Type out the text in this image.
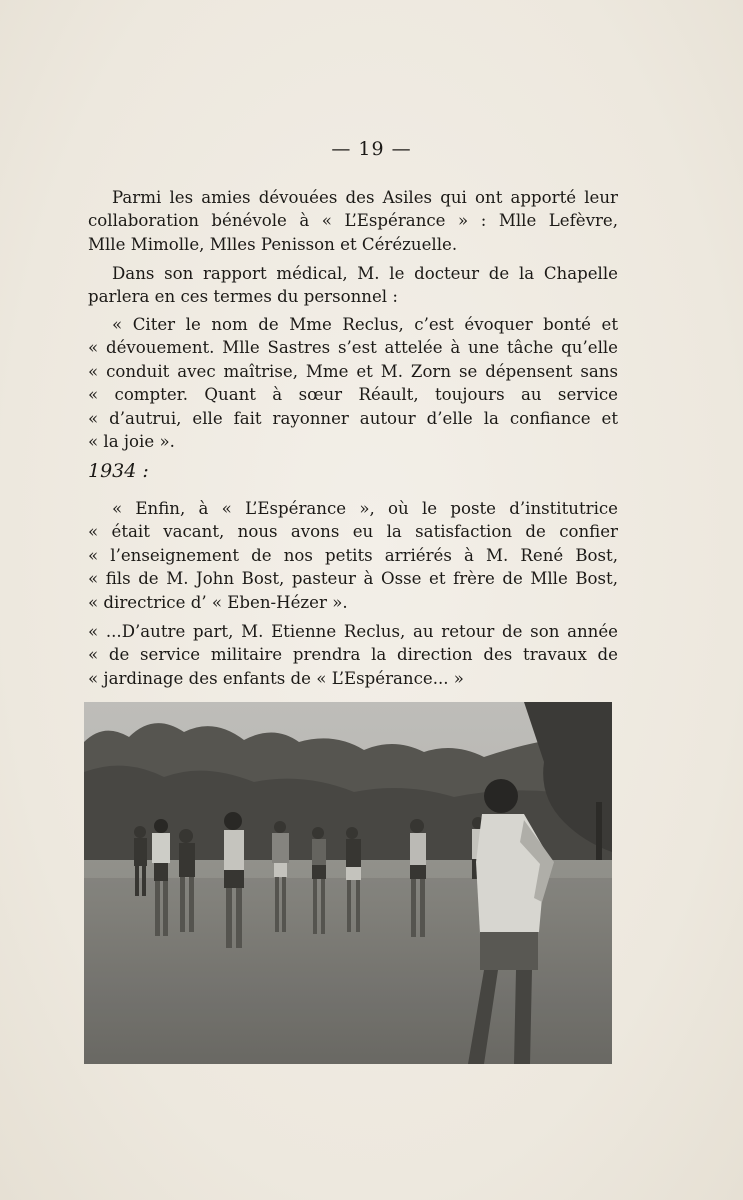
— 19 —
Parmi les amies dévouées des Asiles qui ont apporté leur
collaboration bénévole à « L’Espérance » : Mlle Lefèvre,
Mlle Mimolle, Mlles Penisson et Cérézuelle.
Dans son rapport médical, M. le docteur de la Chapelle
parlera en ces termes du personnel :
« Citer le nom de Mme Reclus, c’est évoquer bonté et
« dévouement. Mlle Sastres s’est attelée à une tâche qu’elle
« conduit avec maîtrise, Mme et M. Zorn se dépensent sans
« compter. Quant à sœur Réault, toujours au service
« d’autrui, elle fait rayonner autour d’elle la confiance et
« la joie ».
1934 :
« Enfin, à « L’Espérance », où le poste d’institutrice
« était vacant, nous avons eu la satisfaction de confier
« l’enseignement de nos petits arriérés à M. René Bost,
« fils de M. John Bost, pasteur à Osse et frère de Mlle Bost,
« directrice d’ « Eben-Hézer ».
« ...D’autre part, M. Etienne Reclus, au retour de son année
« de service militaire prendra la direction des travaux de
« jardinage des enfants de « L’Espérance... »
